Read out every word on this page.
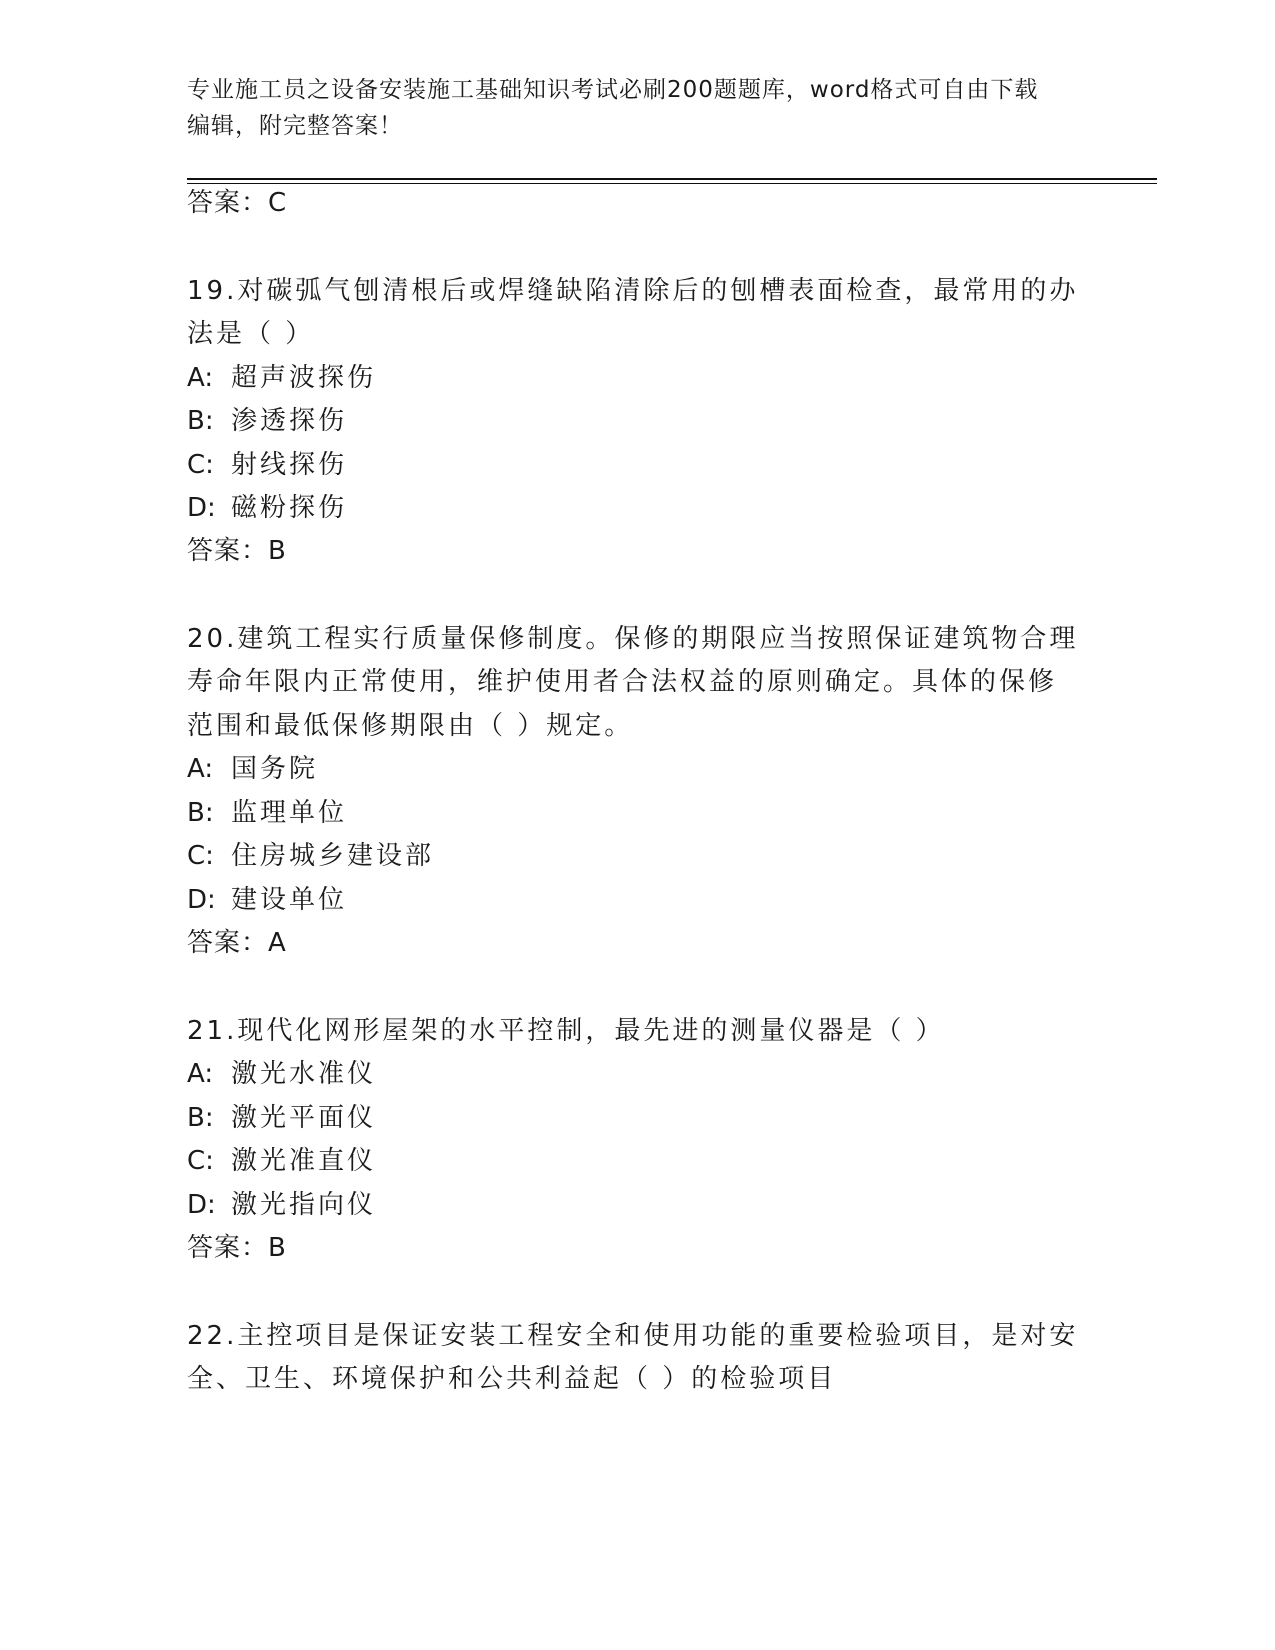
专业施工员之设备安装施工基础知识考试必刷200题题库，word格式可自由下载
编辑，附完整答案！
答案：C
19.对碳弧气刨清根后或焊缝缺陷清除后的刨槽表面检查，最常用的办
法是（ ）
A: 超声波探伤
B: 渗透探伤
C: 射线探伤
D: 磁粉探伤
答案：B
20.建筑工程实行质量保修制度。保修的期限应当按照保证建筑物合理
寿命年限内正常使用，维护使用者合法权益的原则确定。具体的保修
范围和最低保修期限由（ ）规定。
A: 国务院
B: 监理单位
C: 住房城乡建设部
D: 建设单位
答案：A
21.现代化网形屋架的水平控制，最先进的测量仪器是（ ）
A: 激光水准仪
B: 激光平面仪
C: 激光准直仪
D: 激光指向仪
答案：B
22.主控项目是保证安装工程安全和使用功能的重要检验项目，是对安
全、卫生、环境保护和公共利益起（ ）的检验项目
